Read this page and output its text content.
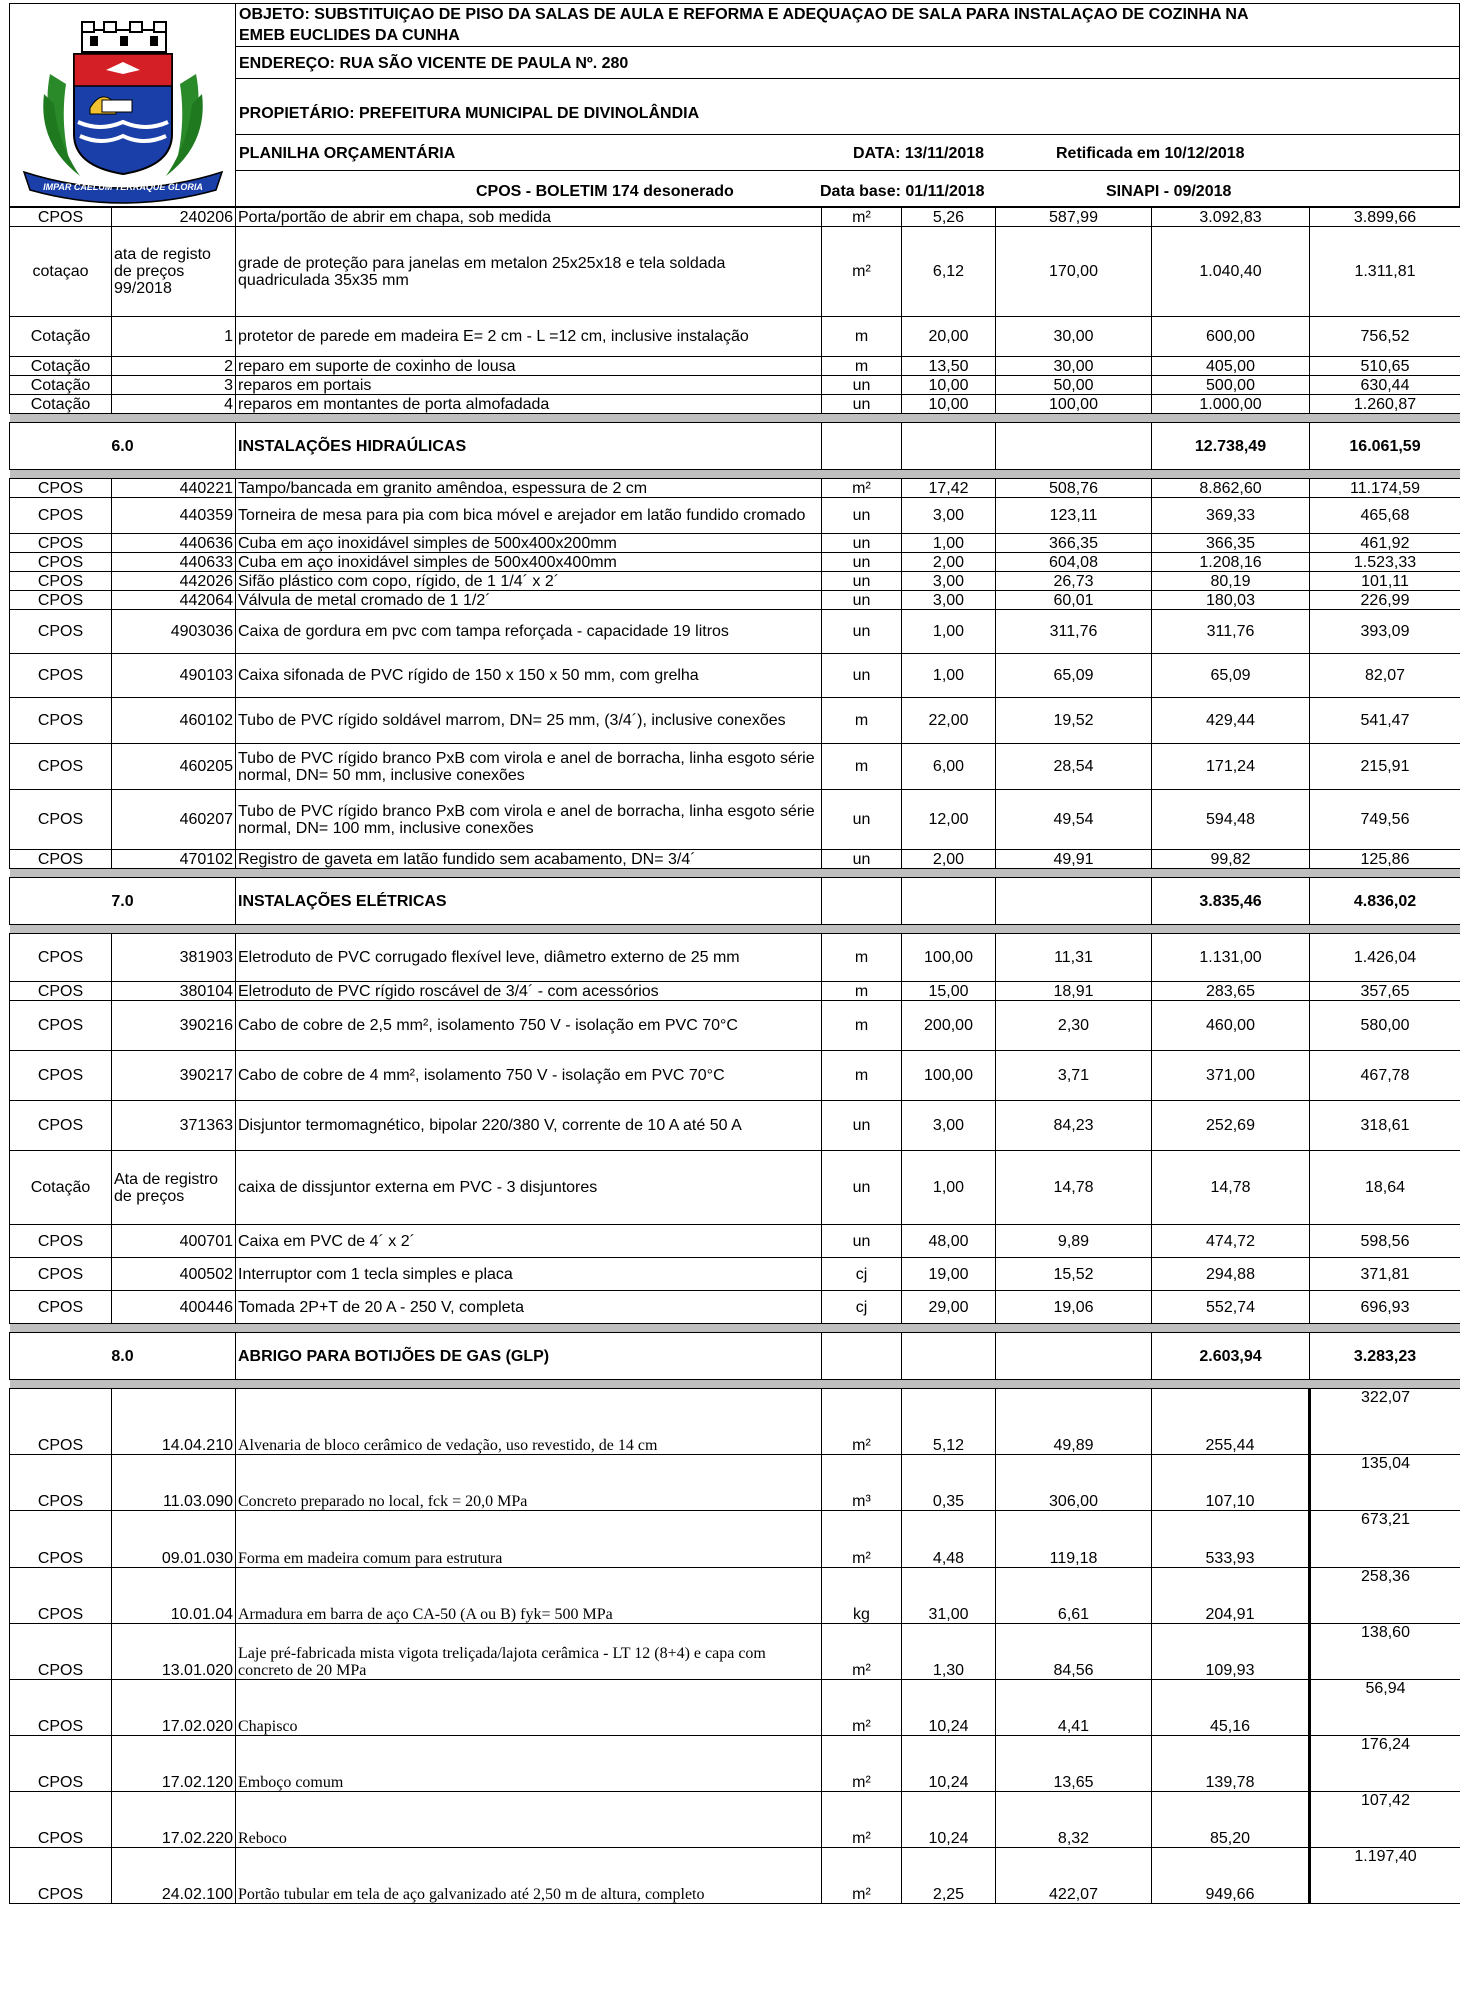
IMPAR CAELUM TERRAQUE GLORIA
OBJETO: SUBSTITUIÇAO DE PISO DA SALAS DE AULA E REFORMA E ADEQUAÇAO DE SALA PARA INSTALAÇAO DE COZINHA NA
EMEB EUCLIDES DA CUNHA
ENDEREÇO: RUA SÃO VICENTE DE PAULA Nº. 280
PROPIETÁRIO: PREFEITURA MUNICIPAL DE DIVINOLÂNDIA
PLANILHA ORÇAMENTÁRIA	DATA: 13/11/2018	Retificada em 10/12/2018
CPOS - BOLETIM 174 desonerado	Data base: 01/11/2018	SINAPI - 09/2018
CPOS	240206	Porta/portão de abrir em chapa, sob medida	m²	5,26	587,99	3.092,83	3.899,66
cotaçao	ata de registo de preços 99/2018	grade de proteção para janelas em metalon 25x25x18 e tela soldada quadriculada 35x35 mm	m²	6,12	170,00	1.040,40	1.311,81
Cotação	1	protetor de parede em madeira E= 2 cm - L =12 cm, inclusive instalação	m	20,00	30,00	600,00	756,52
Cotação	2	reparo em suporte de coxinho de lousa	m	13,50	30,00	405,00	510,65
Cotação	3	reparos em portais	un	10,00	50,00	500,00	630,44
Cotação	4	reparos em montantes de porta almofadada	un	10,00	100,00	1.000,00	1.260,87

6.0		INSTALAÇÕES HIDRAÚLICAS				12.738,49	16.061,59

CPOS	440221	Tampo/bancada em granito amêndoa, espessura de 2 cm	m²	17,42	508,76	8.862,60	11.174,59
CPOS	440359	Torneira de mesa para pia com bica móvel e arejador em latão fundido cromado	un	3,00	123,11	369,33	465,68
CPOS	440636	Cuba em aço inoxidável simples de 500x400x200mm	un	1,00	366,35	366,35	461,92
CPOS	440633	Cuba em aço inoxidável simples de 500x400x400mm	un	2,00	604,08	1.208,16	1.523,33
CPOS	442026	Sifão plástico com copo, rígido, de 1 1/4´ x 2´	un	3,00	26,73	80,19	101,11
CPOS	442064	Válvula de metal cromado de 1 1/2´	un	3,00	60,01	180,03	226,99
CPOS	4903036	Caixa de gordura em pvc com tampa reforçada - capacidade 19 litros	un	1,00	311,76	311,76	393,09
CPOS	490103	Caixa sifonada de PVC rígido de 150 x 150 x 50 mm, com grelha	un	1,00	65,09	65,09	82,07
CPOS	460102	Tubo de PVC rígido soldável marrom, DN= 25 mm, (3/4´), inclusive conexões	m	22,00	19,52	429,44	541,47
CPOS	460205	Tubo de PVC rígido branco PxB com virola e anel de borracha, linha esgoto série normal, DN= 50 mm, inclusive conexões	m	6,00	28,54	171,24	215,91
CPOS	460207	Tubo de PVC rígido branco PxB com virola e anel de borracha, linha esgoto série normal, DN= 100 mm, inclusive conexões	un	12,00	49,54	594,48	749,56
CPOS	470102	Registro de gaveta em latão fundido sem acabamento, DN= 3/4´	un	2,00	49,91	99,82	125,86

7.0		INSTALAÇÕES ELÉTRICAS				3.835,46	4.836,02

CPOS	381903	Eletroduto de PVC corrugado flexível leve, diâmetro externo de 25 mm	m	100,00	11,31	1.131,00	1.426,04
CPOS	380104	Eletroduto de PVC rígido roscável de 3/4´ - com acessórios	m	15,00	18,91	283,65	357,65
CPOS	390216	Cabo de cobre de 2,5 mm², isolamento 750 V - isolação em PVC 70°C	m	200,00	2,30	460,00	580,00
CPOS	390217	Cabo de cobre de 4 mm², isolamento 750 V - isolação em PVC 70°C	m	100,00	3,71	371,00	467,78
CPOS	371363	Disjuntor termomagnético, bipolar 220/380 V, corrente de 10 A até 50 A	un	3,00	84,23	252,69	318,61
Cotação	Ata de registro de preços	caixa de dissjuntor externa em PVC - 3 disjuntores	un	1,00	14,78	14,78	18,64
CPOS	400701	Caixa em PVC de 4´ x 2´	un	48,00	9,89	474,72	598,56
CPOS	400502	Interruptor com 1 tecla simples e placa	cj	19,00	15,52	294,88	371,81
CPOS	400446	Tomada 2P+T de 20 A - 250 V, completa	cj	29,00	19,06	552,74	696,93

8.0		ABRIGO PARA BOTIJÕES DE GAS (GLP)				2.603,94	3.283,23

CPOS	14.04.210	Alvenaria de bloco cerâmico de vedação, uso revestido, de 14 cm	m²	5,12	49,89	255,44	322,07
CPOS	11.03.090	Concreto preparado no local, fck = 20,0 MPa	m³	0,35	306,00	107,10	135,04
CPOS	09.01.030	Forma em madeira comum para estrutura	m²	4,48	119,18	533,93	673,21
CPOS	10.01.04	Armadura em barra de aço CA-50 (A ou B) fyk= 500 MPa	kg	31,00	6,61	204,91	258,36
CPOS	13.01.020	Laje pré-fabricada mista vigota treliçada/lajota cerâmica - LT 12 (8+4) e capa com concreto de 20 MPa	m²	1,30	84,56	109,93	138,60
CPOS	17.02.020	Chapisco	m²	10,24	4,41	45,16	56,94
CPOS	17.02.120	Emboço comum	m²	10,24	13,65	139,78	176,24
CPOS	17.02.220	Reboco	m²	10,24	8,32	85,20	107,42
CPOS	24.02.100	Portão tubular em tela de aço galvanizado até 2,50 m de altura, completo	m²	2,25	422,07	949,66	1.197,40
